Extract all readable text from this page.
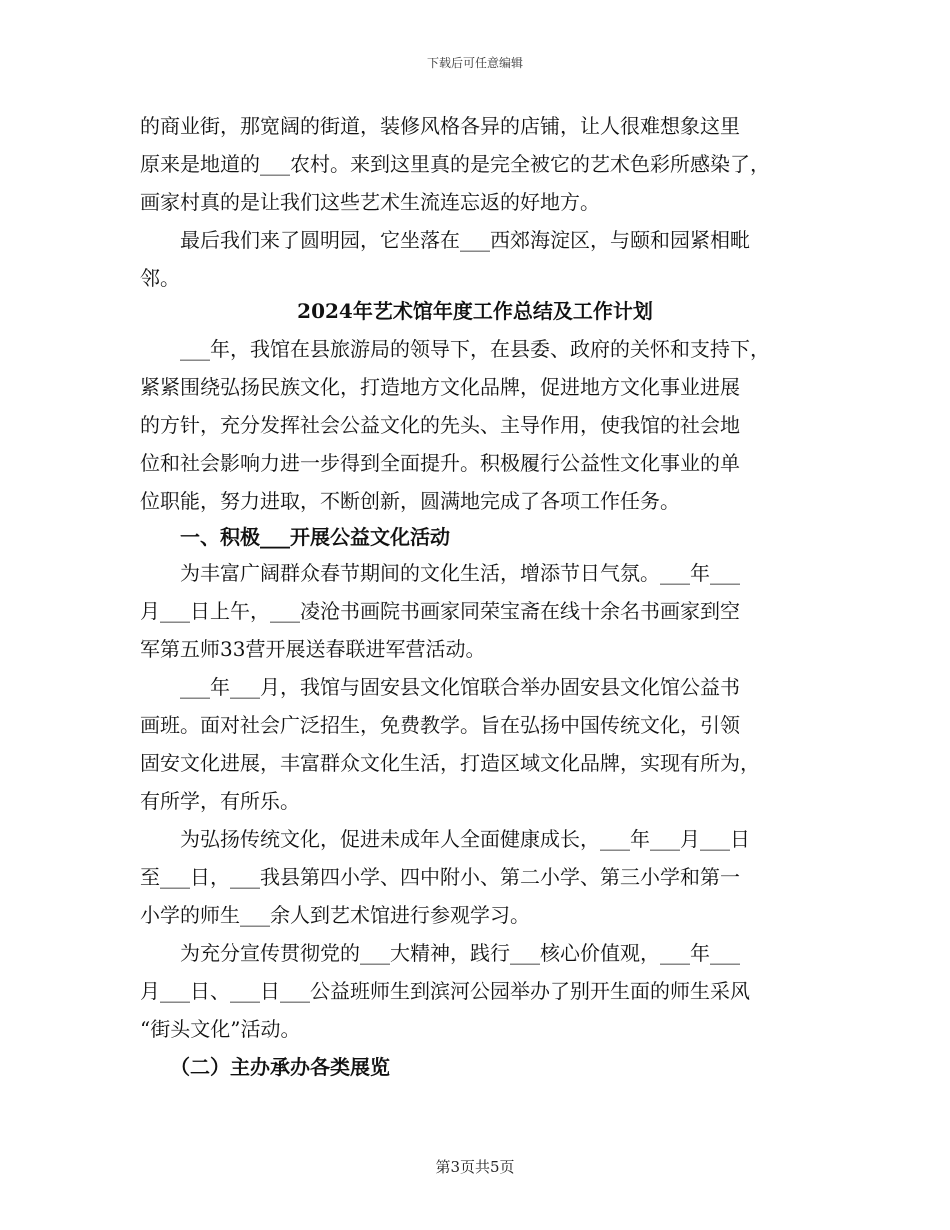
下载后可任意编辑
的商业街，那宽阔的街道，装修风格各异的店铺，让人很难想象这里
原来是地道的___农村。来到这里真的是完全被它的艺术色彩所感染了，
画家村真的是让我们这些艺术生流连忘返的好地方。
　　最后我们来了圆明园，它坐落在___西郊海淀区，与颐和园紧相毗
邻。
2024年艺术馆年度工作总结及工作计划
　　___年，我馆在县旅游局的领导下，在县委、政府的关怀和支持下，
紧紧围绕弘扬民族文化，打造地方文化品牌，促进地方文化事业进展
的方针，充分发挥社会公益文化的先头、主导作用，使我馆的社会地
位和社会影响力进一步得到全面提升。积极履行公益性文化事业的单
位职能，努力进取，不断创新，圆满地完成了各项工作任务。
　　一、积极___开展公益文化活动
　　为丰富广阔群众春节期间的文化生活，增添节日气氛。___年___
月___日上午，___凌沧书画院书画家同荣宝斋在线十余名书画家到空
军第五师33营开展送春联进军营活动。
　　___年___月，我馆与固安县文化馆联合举办固安县文化馆公益书
画班。面对社会广泛招生，免费教学。旨在弘扬中国传统文化，引领
固安文化进展，丰富群众文化生活，打造区域文化品牌，实现有所为，
有所学，有所乐。
　　为弘扬传统文化，促进未成年人全面健康成长，___年___月___日
至___日，___我县第四小学、四中附小、第二小学、第三小学和第一
小学的师生___余人到艺术馆进行参观学习。
　　为充分宣传贯彻党的___大精神，践行___核心价值观，___年___
月___日、___日___公益班师生到滨河公园举办了别开生面的师生采风
“街头文化”活动。
　　（二）主办承办各类展览
第3页共5页
